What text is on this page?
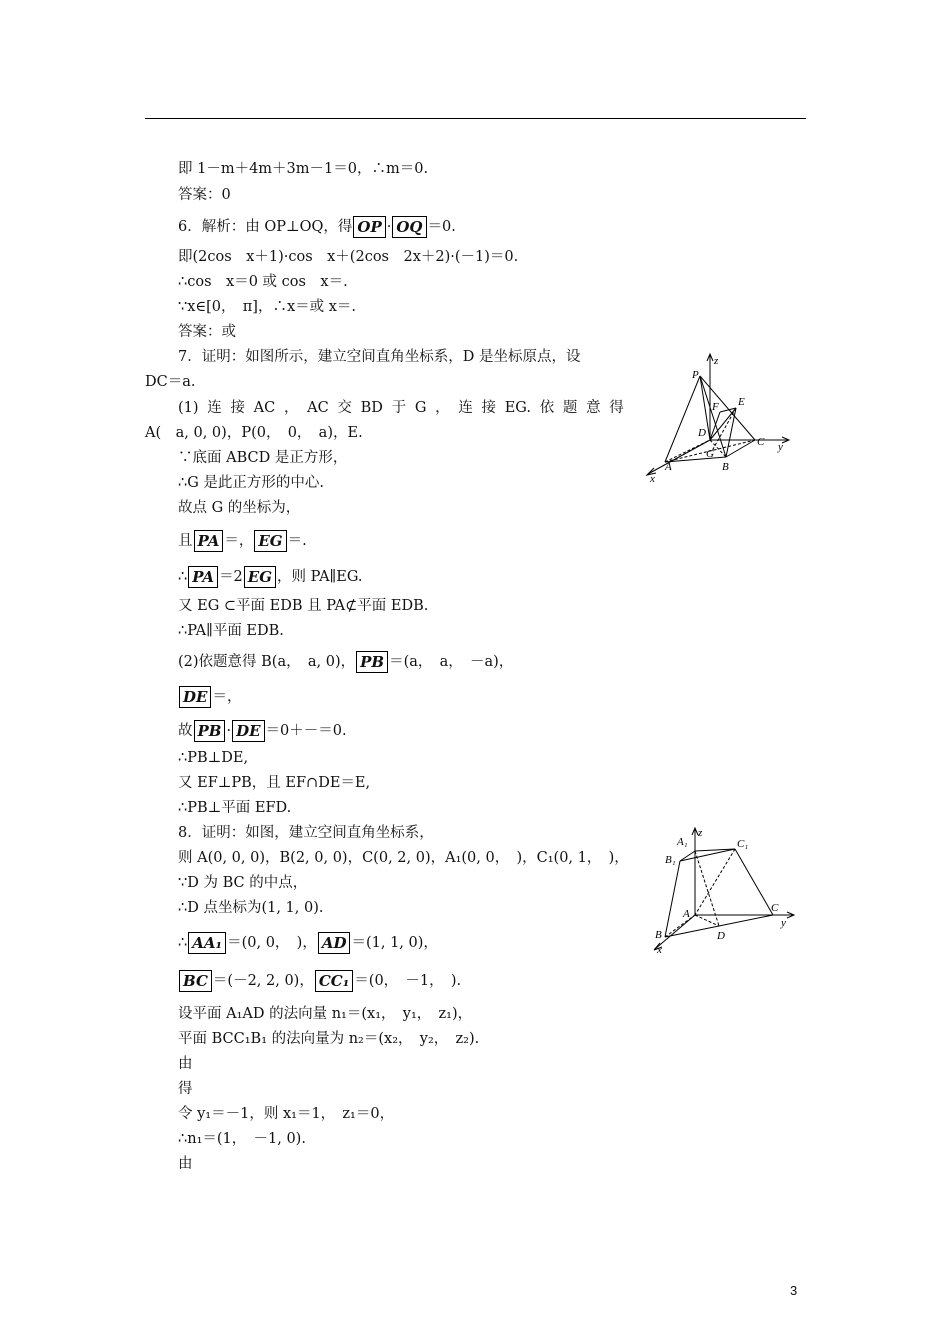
即 1－m＋4m＋3m－1＝0，∴m＝0.
答案：0
6．解析：由 OP⊥OQ，得 OP · OQ ＝0.
即(2cos　x＋1)·cos　x＋(2cos　2x＋2)·(－1)＝0.
∴cos　x＝0 或 cos　x＝.
∵x∈[0，　π]，∴x＝或 x＝.
答案：或
7．证明：如图所示，建立空间直角坐标系，D 是坐标原点，设
DC＝a.
(1) 连 接 AC ， AC 交 BD 于 G ， 连 接 EG. 依 题 意 得
A(　a, 0, 0)，P(0，　0，　a)，E.
∵底面 ABCD 是正方形，
∴G 是此正方形的中心.
故点 G 的坐标为，
且 PA ＝， EG ＝.
∴ PA ＝2 EG ，则 PA∥EG.
又 EG ⊂平面 EDB 且 PA⊄平面 EDB.
∴PA∥平面 EDB.
(2)依题意得 B(a，　a, 0)， PB ＝(a，　a，　－a)，
DE ＝，
故 PB · DE ＝0＋－＝0.
∴PB⊥DE,
又 EF⊥PB，且 EF∩DE＝E,
∴PB⊥平面 EFD.
8．证明：如图，建立空间直角坐标系，
则 A(0, 0, 0)，B(2, 0, 0)，C(0, 2, 0)，A₁(0, 0，　)，C₁(0, 1，　)，
∵D 为 BC 的中点，
∴D 点坐标为(1, 1, 0).
∴ AA₁ ＝(0, 0，　)， AD ＝(1, 1, 0)，
BC ＝(－2, 2, 0)， CC₁ ＝(0，　－1，　).
设平面 A₁AD 的法向量 n₁＝(x₁，　y₁，　z₁)，
平面 BCC₁B₁ 的法向量为 n₂＝(x₂，　y₂，　z₂).
由
得
令 y₁＝－1，则 x₁＝1，　z₁＝0，
∴n₁＝(1，　－1, 0).
由
P
z
F E
D
C y
G
A	B
x
A₁
z
C₁
B₁
A	C
y
B	D
x
3
